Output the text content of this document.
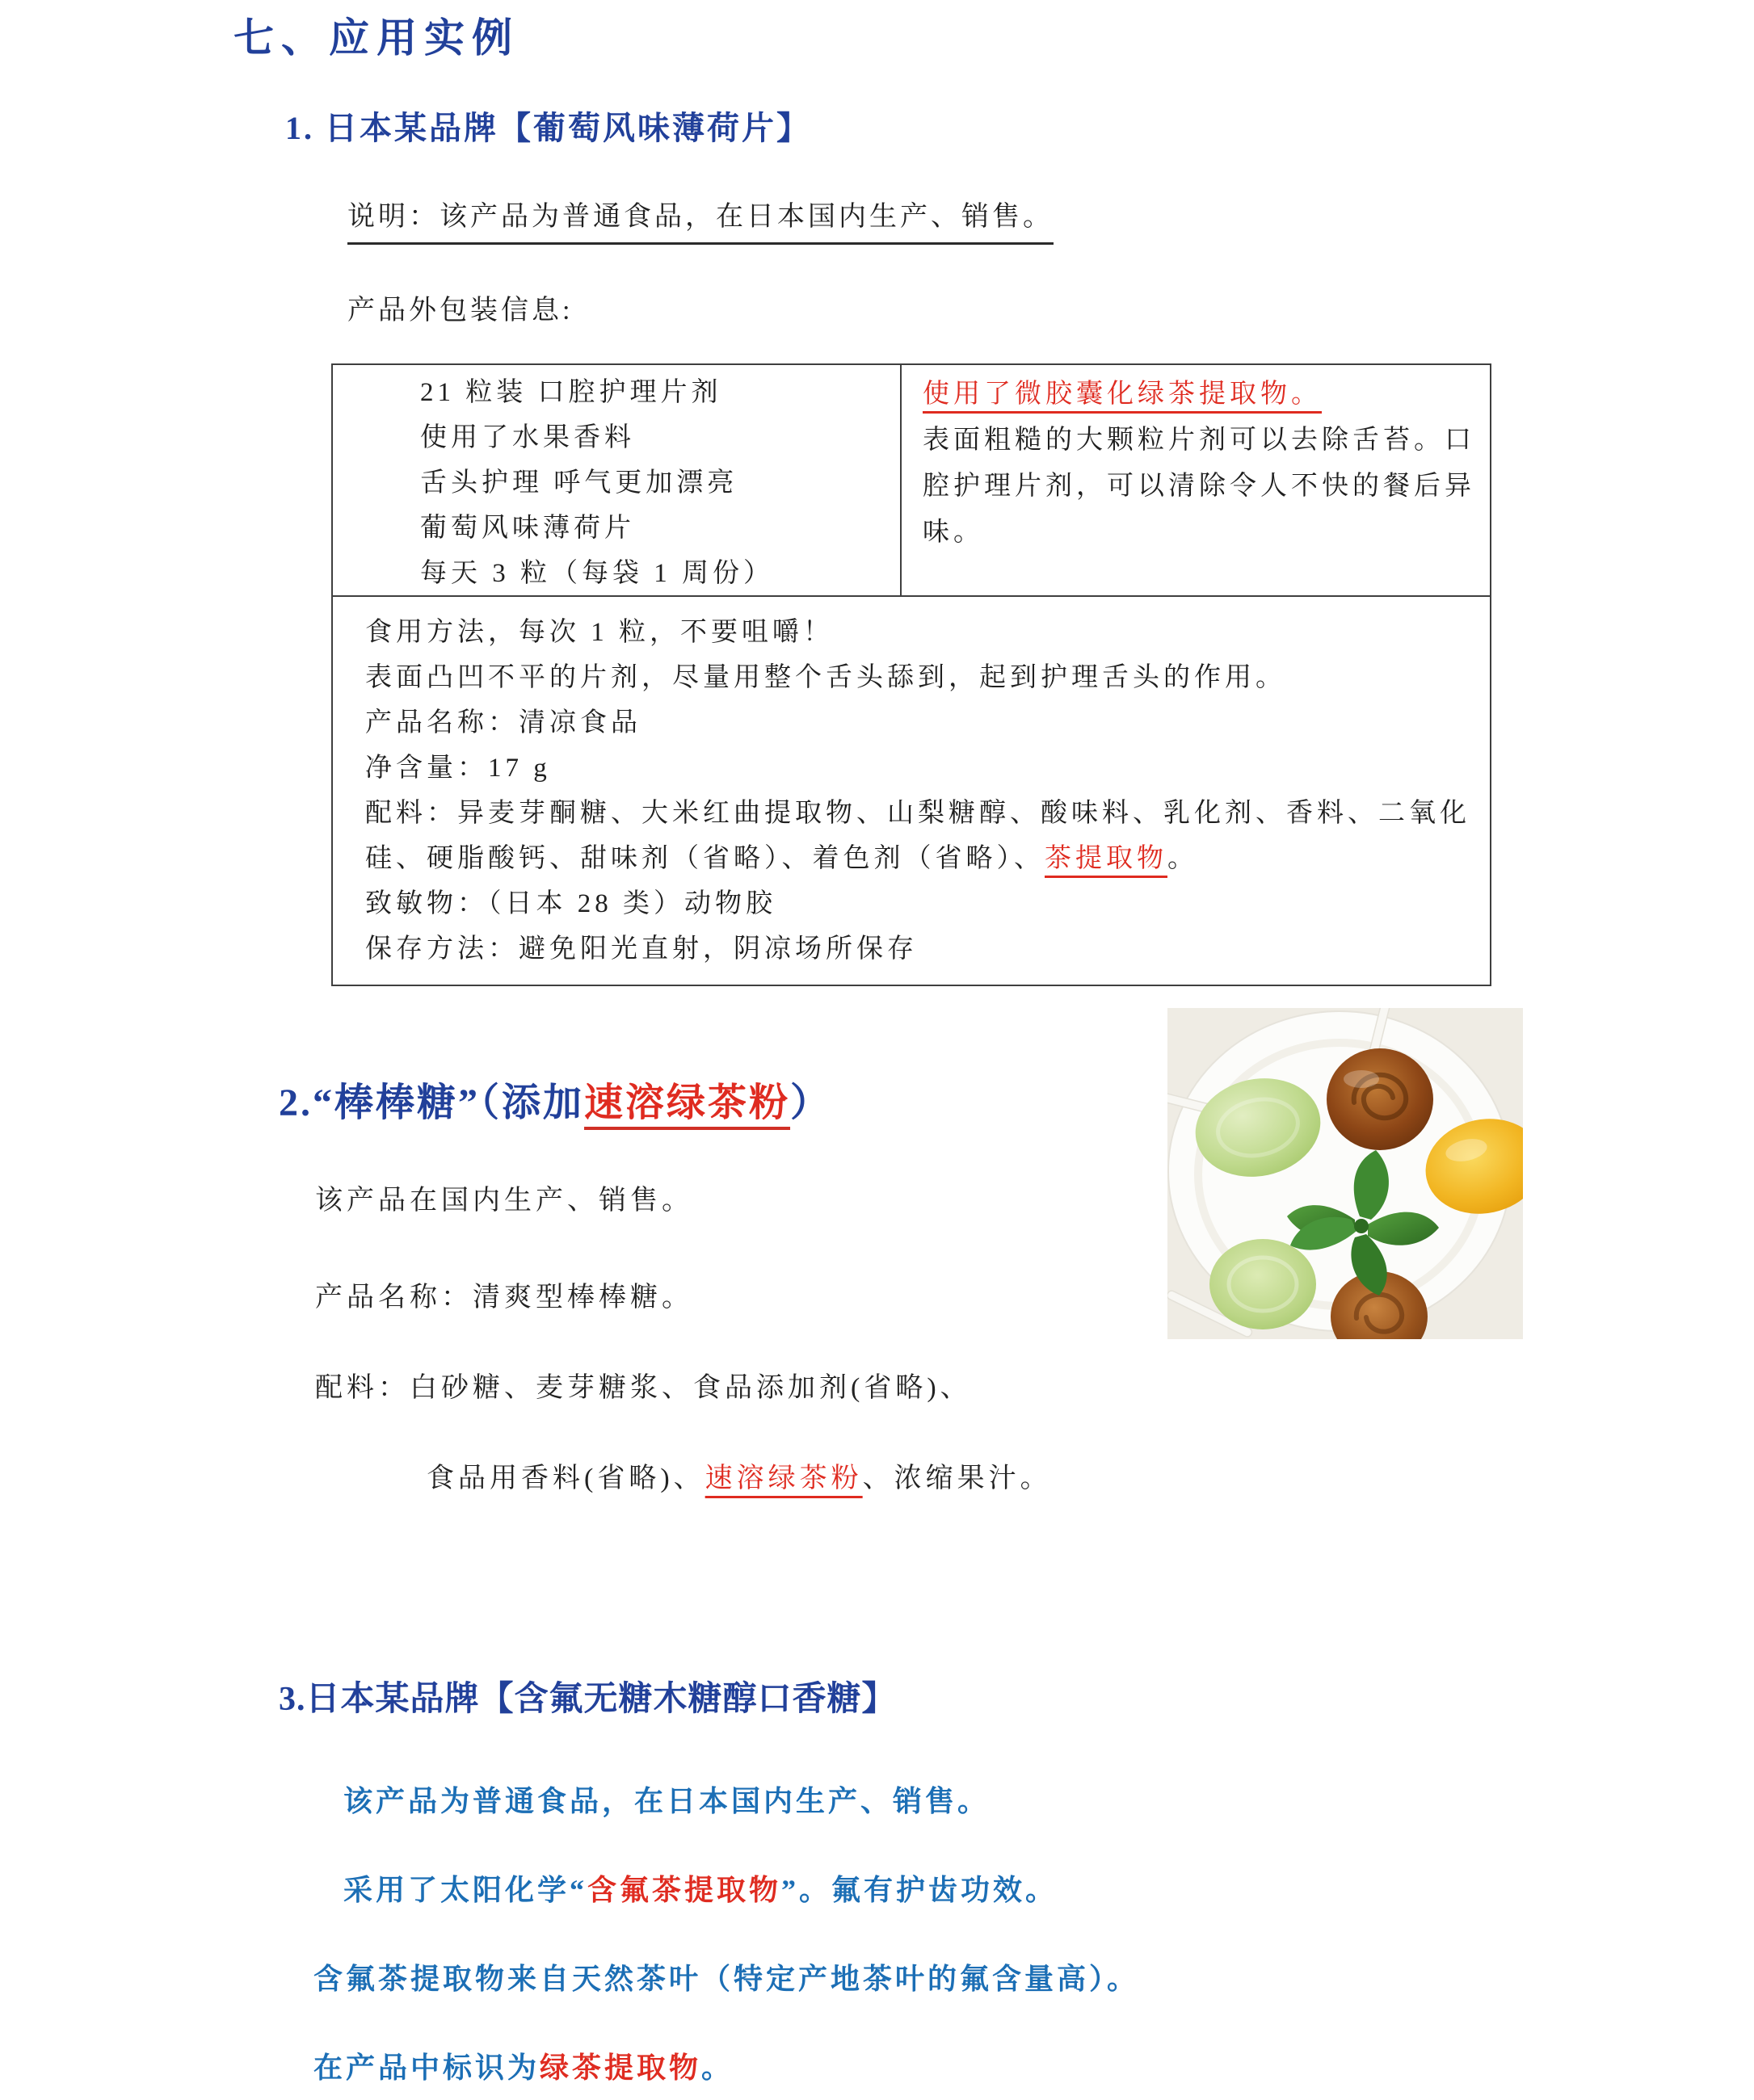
七、应用实例
1. 日本某品牌【葡萄风味薄荷片】
说明：该产品为普通食品，在日本国内生产、销售。
产品外包装信息:
21 粒装 口腔护理片剂
使用了水果香料
舌头护理 呼气更加漂亮
葡萄风味薄荷片
每天 3 粒（每袋 1 周份）
使用了微胶囊化绿茶提取物。
表面粗糙的大颗粒片剂可以去除舌苔。口腔护理片剂，可以清除令人不快的餐后异味。
食用方法，每次 1 粒，不要咀嚼！
表面凸凹不平的片剂，尽量用整个舌头舔到，起到护理舌头的作用。
产品名称：清凉食品
净含量：17 g
配料：异麦芽酮糖、大米红曲提取物、山梨糖醇、酸味料、乳化剂、香料、二氧化硅、硬脂酸钙、甜味剂（省略）、着色剂（省略）、茶提取物。
致敏物：（日本 28 类）动物胶
保存方法：避免阳光直射，阴凉场所保存
2.“棒棒糖”（添加速溶绿茶粉）
该产品在国内生产、销售。
产品名称：清爽型棒棒糖。
配料：白砂糖、麦芽糖浆、食品添加剂(省略)、
食品用香料(省略)、速溶绿茶粉、浓缩果汁。
3.日本某品牌【含氟无糖木糖醇口香糖】
该产品为普通食品，在日本国内生产、销售。
采用了太阳化学“含氟茶提取物”。氟有护齿功效。
含氟茶提取物来自天然茶叶（特定产地茶叶的氟含量高）。
在产品中标识为绿茶提取物。
